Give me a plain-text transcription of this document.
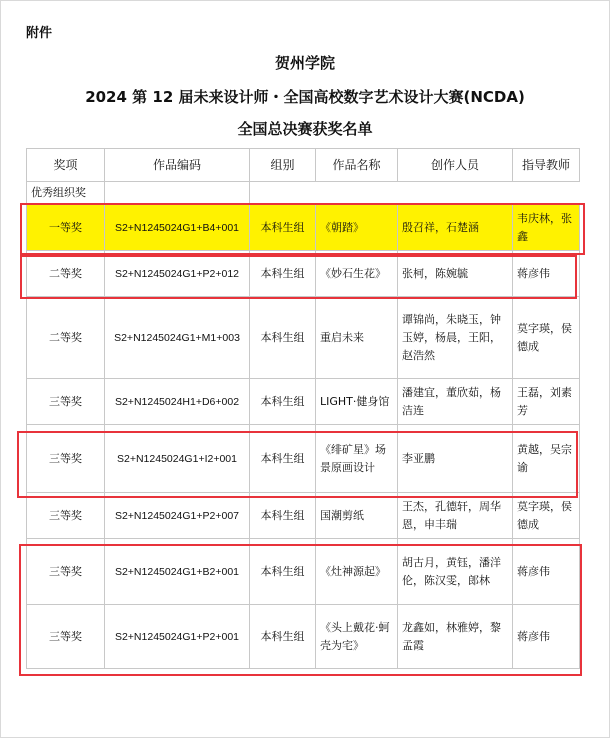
附件
贺州学院
2024 第 12 届未来设计师・全国高校数字艺术设计大赛(NCDA)
全国总决赛获奖名单
奖项	作品编码	组别	作品名称	创作人员	指导教师
优秀组织奖					
一等奖	S2+N1245024G1+B4+001	本科生组	《朝踏》	殷召祥，石楚涵	韦庆林，张鑫
二等奖	S2+N1245024G1+P2+012	本科生组	《妙石生花》	张柯，陈婉毓	蒋彦伟
二等奖	S2+N1245024G1+M1+003	本科生组	重启未来	谭锦尚，朱晓玉，钟玉婷，杨晨，王阳，赵浩然	莫字瑛，侯德成
三等奖	S2+N1245024H1+D6+002	本科生组	LIGHT·健身馆	潘建宜，董欣茹，杨洁连	王磊，刘素芳
三等奖	S2+N1245024G1+I2+001	本科生组	《绯矿星》场景原画设计	李亚鹏	黄越，吴宗谕
三等奖	S2+N1245024G1+P2+007	本科生组	国潮剪纸	王杰，孔德轩，周华恩，申丰瑞	莫字瑛，侯德成
三等奖	S2+N1245024G1+B2+001	本科生组	《灶神源起》	胡古月，黄钰，潘洋伦，陈汉雯，郎林	蒋彦伟
三等奖	S2+N1245024G1+P2+001	本科生组	《头上戴花·蚵壳为宅》	龙鑫如，林雅婷，黎孟霞	蒋彦伟
